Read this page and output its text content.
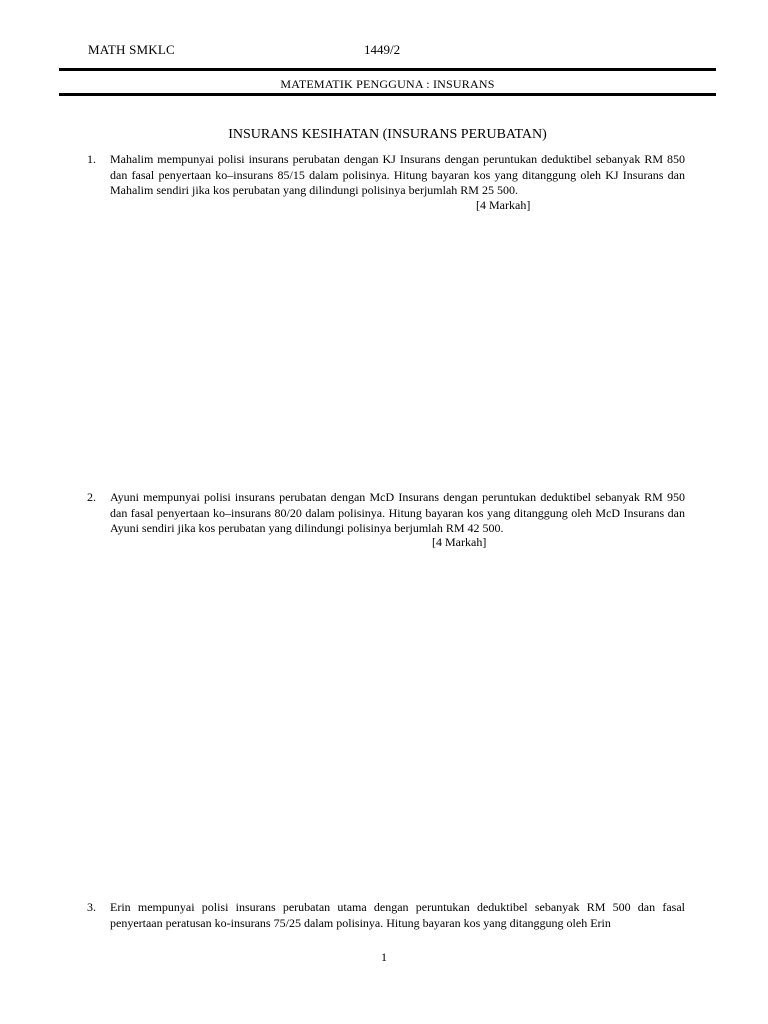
MATH SMKLC	1449/2
MATEMATIK PENGGUNA : INSURANS
INSURANS KESIHATAN (INSURANS PERUBATAN)
1. Mahalim mempunyai polisi insurans perubatan dengan KJ Insurans dengan peruntukan deduktibel sebanyak RM 850 dan fasal penyertaan ko–insurans 85/15 dalam polisinya. Hitung bayaran kos yang ditanggung oleh KJ Insurans dan Mahalim sendiri jika kos perubatan yang dilindungi polisinya berjumlah RM 25 500.

[4 Markah]
2. Ayuni mempunyai polisi insurans perubatan dengan McD Insurans dengan peruntukan deduktibel sebanyak RM 950 dan fasal penyertaan ko–insurans 80/20 dalam polisinya. Hitung bayaran kos yang ditanggung oleh McD Insurans dan Ayuni sendiri jika kos perubatan yang dilindungi polisinya berjumlah RM 42 500.

[4 Markah]
3. Erin mempunyai polisi insurans perubatan utama dengan peruntukan deduktibel sebanyak RM 500 dan fasal penyertaan peratusan ko-insurans 75/25 dalam polisinya. Hitung bayaran kos yang ditanggung oleh Erin

1
